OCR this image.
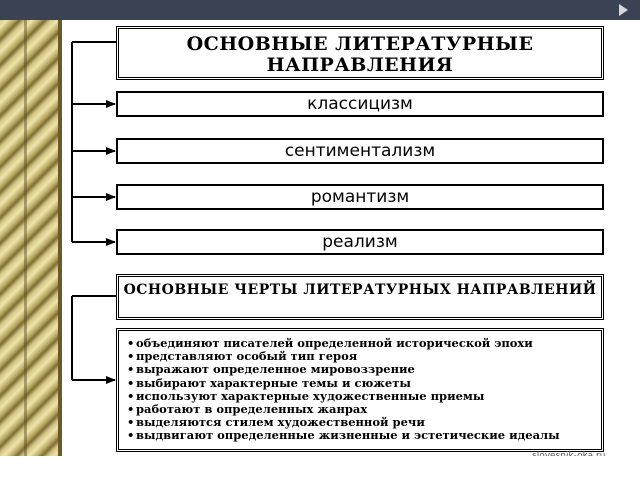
ОСНОВНЫЕ ЛИТЕРАТУРНЫЕ НАПРАВЛЕНИЯ
классицизм
сентиментализм
романтизм
реализм
ОСНОВНЫЕ ЧЕРТЫ ЛИТЕРАТУРНЫХ НАПРАВЛЕНИЙ
• объединяют писателей определенной исторической эпохи
• представляют особый тип героя
• выражают определенное мировоззрение
• выбирают характерные темы и сюжеты
• используют характерные художественные приемы
• работают в определенных жанрах
• выделяются стилем художественной речи
• выдвигают определенные жизненные и эстетические идеалы
